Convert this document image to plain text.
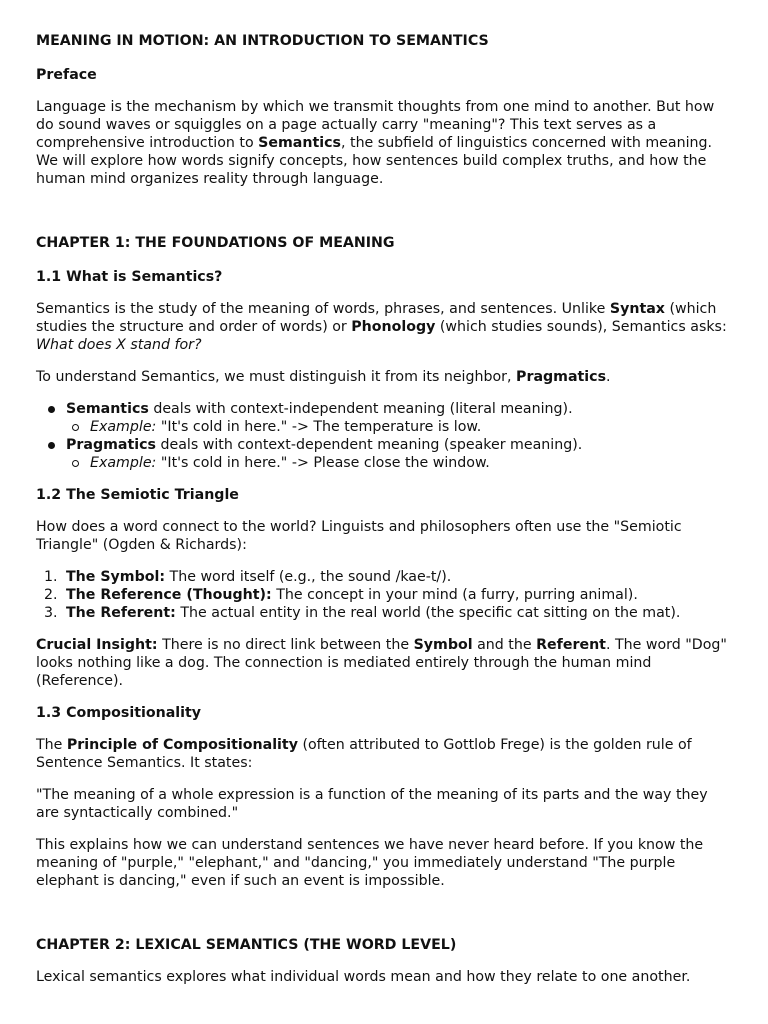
MEANING IN MOTION: AN INTRODUCTION TO SEMANTICS

Preface

Language is the mechanism by which we transmit thoughts from one mind to another. But how do sound waves or squiggles on a page actually carry "meaning"? This text serves as a comprehensive introduction to Semantics, the subfield of linguistics concerned with meaning. We will explore how words signify concepts, how sentences build complex truths, and how the human mind organizes reality through language.

CHAPTER 1: THE FOUNDATIONS OF MEANING

1.1 What is Semantics?

Semantics is the study of the meaning of words, phrases, and sentences. Unlike Syntax (which studies the structure and order of words) or Phonology (which studies sounds), Semantics asks: What does X stand for?

To understand Semantics, we must distinguish it from its neighbor, Pragmatics.

Semantics deals with context-independent meaning (literal meaning).
Example: "It's cold in here." -> The temperature is low.
Pragmatics deals with context-dependent meaning (speaker meaning).
Example: "It's cold in here." -> Please close the window.

1.2 The Semiotic Triangle

How does a word connect to the world? Linguists and philosophers often use the "Semiotic Triangle" (Ogden & Richards):

1. The Symbol: The word itself (e.g., the sound /kae-t/).
2. The Reference (Thought): The concept in your mind (a furry, purring animal).
3. The Referent: The actual entity in the real world (the specific cat sitting on the mat).

Crucial Insight: There is no direct link between the Symbol and the Referent. The word "Dog" looks nothing like a dog. The connection is mediated entirely through the human mind (Reference).

1.3 Compositionality

The Principle of Compositionality (often attributed to Gottlob Frege) is the golden rule of Sentence Semantics. It states:

"The meaning of a whole expression is a function of the meaning of its parts and the way they are syntactically combined."

This explains how we can understand sentences we have never heard before. If you know the meaning of "purple," "elephant," and "dancing," you immediately understand "The purple elephant is dancing," even if such an event is impossible.

CHAPTER 2: LEXICAL SEMANTICS (THE WORD LEVEL)

Lexical semantics explores what individual words mean and how they relate to one another.
